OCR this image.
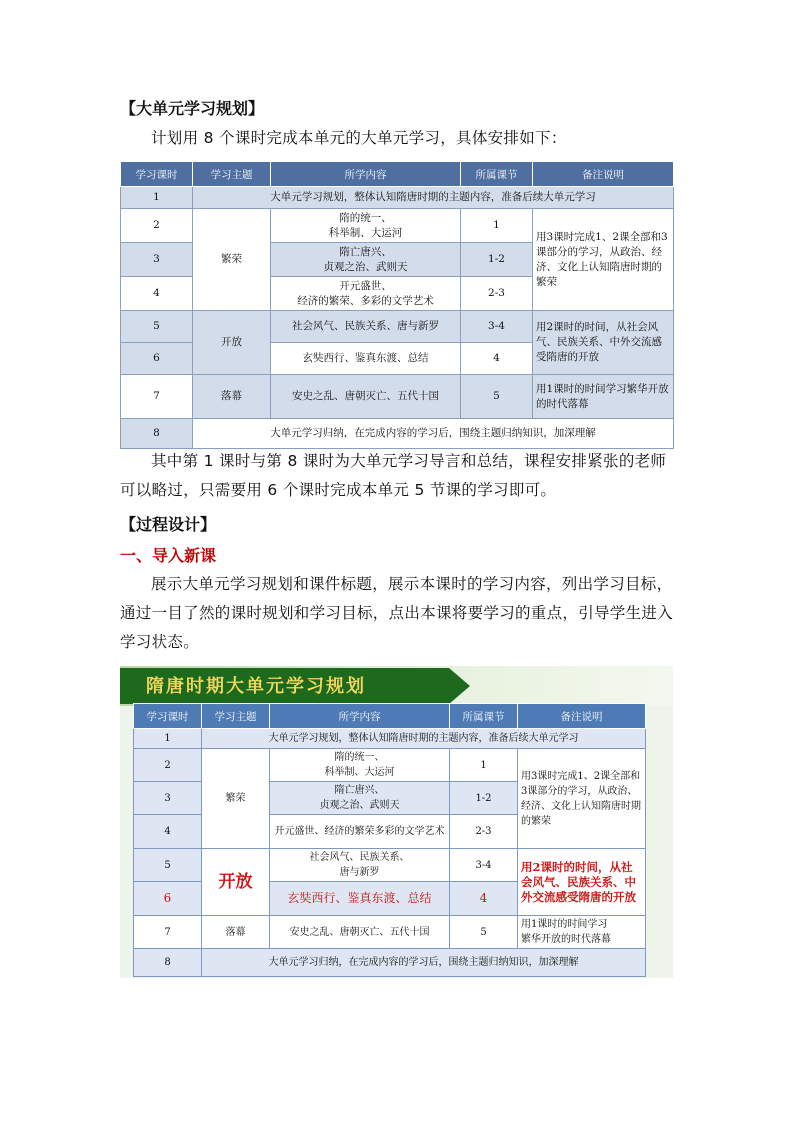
【大单元学习规划】
计划用 8 个课时完成本单元的大单元学习，具体安排如下：
学习课时	学习主题	所学内容	所属课节	备注说明
1	大单元学习规划，整体认知隋唐时期的主题内容，准备后续大单元学习			
2	繁荣	隋的统一、
科举制、大运河	1	用3课时完成1、2课全部和3课部分的学习，从政治、经济、文化上认知隋唐时期的繁荣
3		隋亡唐兴、
贞观之治、武则天	1-2	
4		开元盛世、
经济的繁荣、多彩的文学艺术	2-3	
5	开放	社会风气、民族关系、唐与新罗	3-4	用2课时的时间，从社会风气、民族关系、中外交流感受隋唐的开放
6		玄奘西行、鉴真东渡、总结	4	
7	落幕	安史之乱、唐朝灭亡、五代十国	5	用1课时的时间学习繁华开放的时代落幕
8	大单元学习归纳，在完成内容的学习后，围绕主题归纳知识，加深理解			
其中第 1 课时与第 8 课时为大单元学习导言和总结，课程安排紧张的老师可以略过，只需要用 6 个课时完成本单元 5 节课的学习即可。
【过程设计】
一、导入新课
展示大单元学习规划和课件标题，展示本课时的学习内容，列出学习目标，通过一目了然的课时规划和学习目标，点出本课将要学习的重点，引导学生进入学习状态。
隋唐时期大单元学习规划
学习课时	学习主题	所学内容	所属课节	备注说明
1	大单元学习规划，整体认知隋唐时期的主题内容，准备后续大单元学习			
2	繁荣	隋的统一、
科举制、大运河	1	用3课时完成1、2课全部和3课部分的学习，从政治、经济、文化上认知隋唐时期的繁荣
3		隋亡唐兴、
贞观之治、武则天	1-2	
4		开元盛世、经济的繁荣多彩的文学艺术	2-3	
5	开放	社会风气、民族关系、
唐与新罗	3-4	用2课时的时间，从社会风气、民族关系、中外交流感受隋唐的开放
6		玄奘西行、鉴真东渡、总结	4	
7	落幕	安史之乱、唐朝灭亡、五代十国	5	用1课时的时间学习
繁华开放的时代落幕
8	大单元学习归纳，在完成内容的学习后，围绕主题归纳知识，加深理解			
